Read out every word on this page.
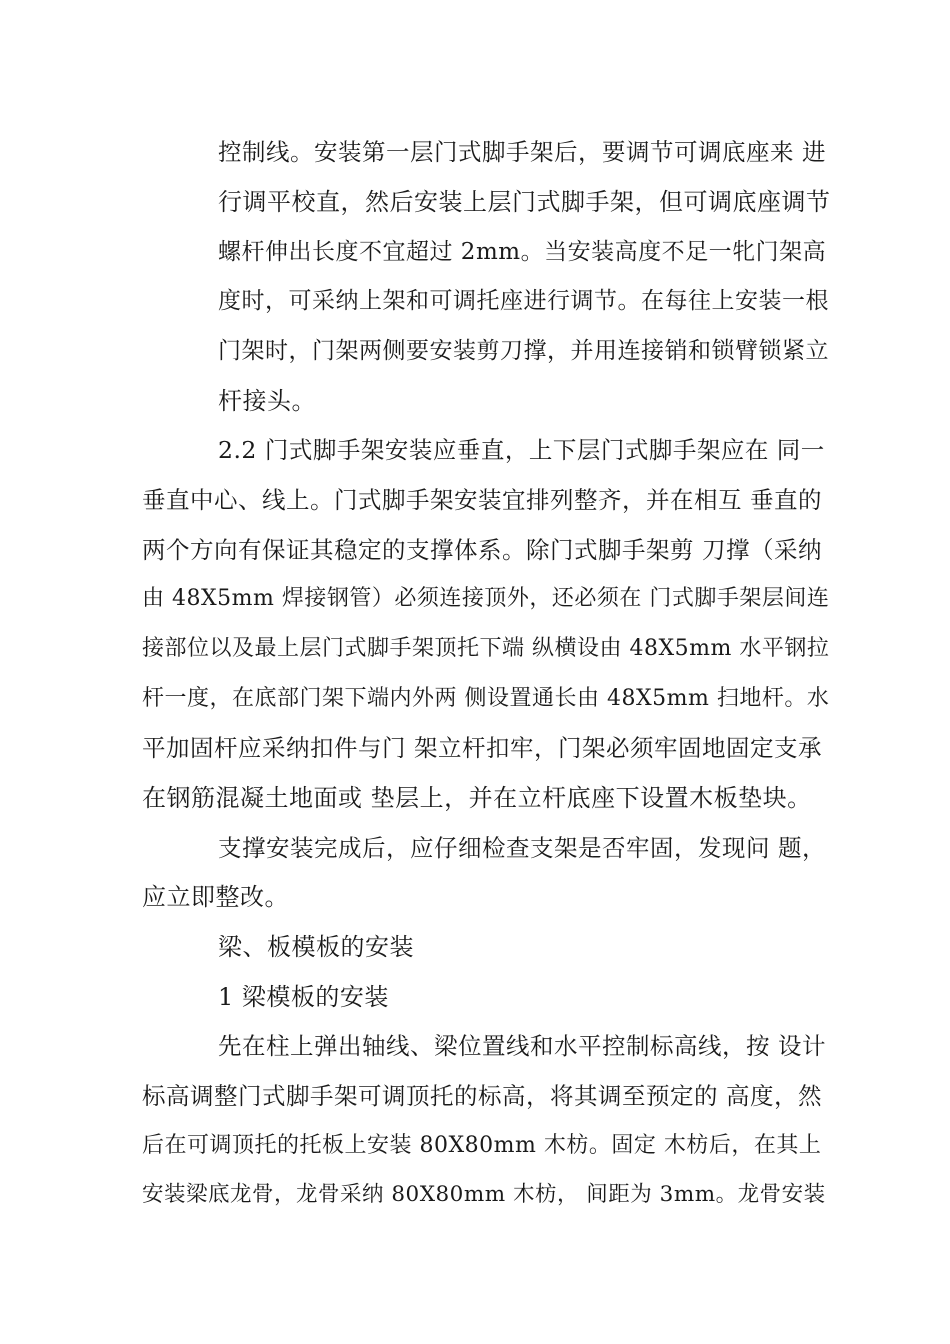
控制线。安装第一层门式脚手架后，要调节可调底座来 进
行调平校直，然后安装上层门式脚手架，但可调底座调节
螺杆伸出长度不宜超过 2mm。当安装高度不足一牝门架高
度时，可采纳上架和可调托座进行调节。在每往上安装一根
门架时，门架两侧要安装剪刀撑，并用连接销和锁臂锁紧立
杆接头。
2.2 门式脚手架安装应垂直，上下层门式脚手架应在 同一
垂直中心、线上。门式脚手架安装宜排列整齐，并在相互 垂直的
两个方向有保证其稳定的支撑体系。除门式脚手架剪 刀撑（采纳
由 48X5mm 焊接钢管）必须连接顶外，还必须在 门式脚手架层间连
接部位以及最上层门式脚手架顶托下端 纵横设由 48X5mm 水平钢拉
杆一度，在底部门架下端内外两 侧设置通长由 48X5mm 扫地杆。水
平加固杆应采纳扣件与门 架立杆扣牢，门架必须牢固地固定支承
在钢筋混凝土地面或 垫层上，并在立杆底座下设置木板垫块。
支撑安装完成后，应仔细检查支架是否牢固，发现问 题，
应立即整改。
梁、板模板的安装
1 梁模板的安装
先在柱上弹出轴线、梁位置线和水平控制标高线，按 设计
标高调整门式脚手架可调顶托的标高，将其调至预定的 高度，然
后在可调顶托的托板上安装 80X80mm 木枋。固定 木枋后，在其上
安装梁底龙骨，龙骨采纳 80X80mm 木枋， 间距为 3mm。龙骨安装
